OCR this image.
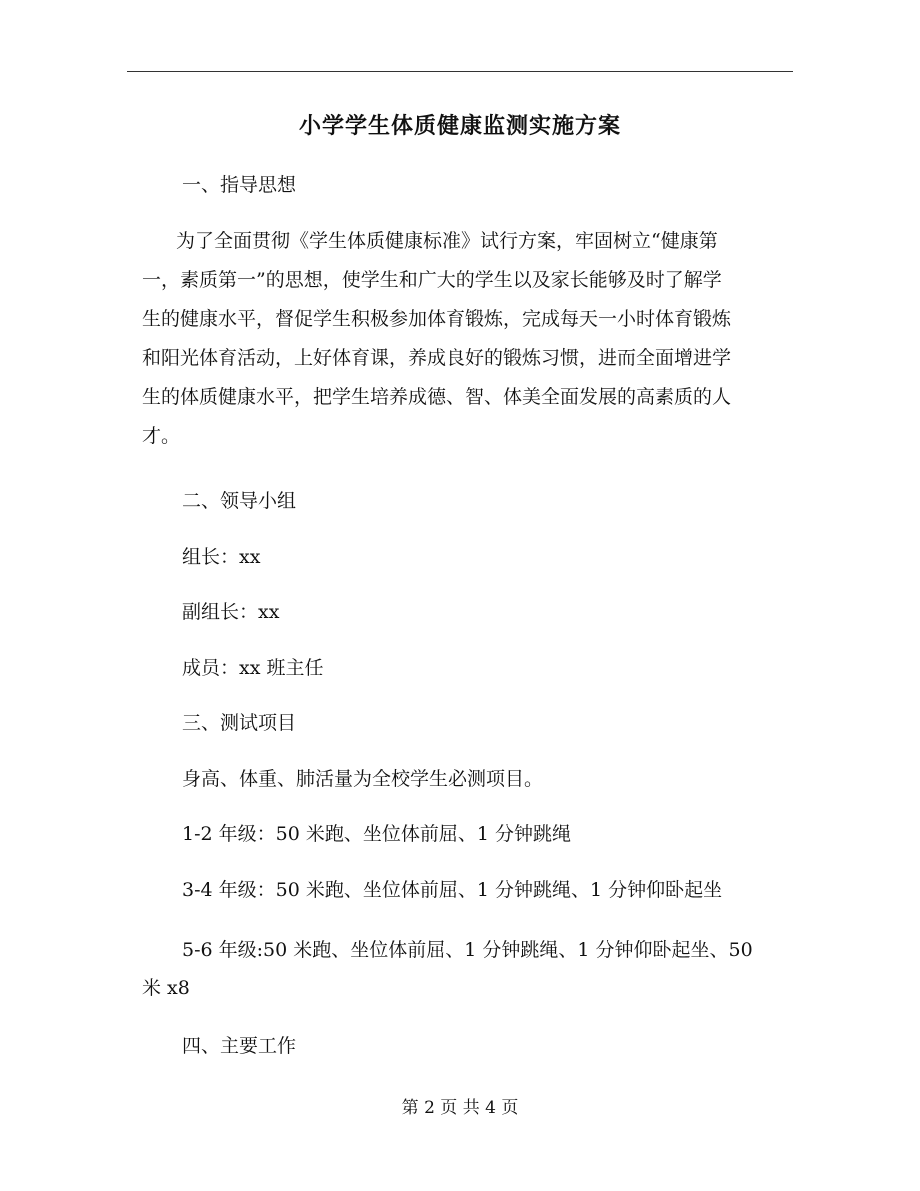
小学学生体质健康监测实施方案
一、指导思想
为了全面贯彻《学生体质健康标准》试行方案，牢固树立“健康第
一，素质第一”的思想，使学生和广大的学生以及家长能够及时了解学
生的健康水平，督促学生积极参加体育锻炼，完成每天一小时体育锻炼
和阳光体育活动，上好体育课，养成良好的锻炼习惯，进而全面增进学
生的体质健康水平，把学生培养成德、智、体美全面发展的高素质的人
才。
二、领导小组
组长：xx
副组长：xx
成员：xx 班主任
三、测试项目
身高、体重、肺活量为全校学生必测项目。
1-2 年级：50 米跑、坐位体前屈、1 分钟跳绳
3-4 年级：50 米跑、坐位体前屈、1 分钟跳绳、1 分钟仰卧起坐
5-6 年级:50 米跑、坐位体前屈、1 分钟跳绳、1 分钟仰卧起坐、50
米 x8
四、主要工作
第 2 页 共 4 页
